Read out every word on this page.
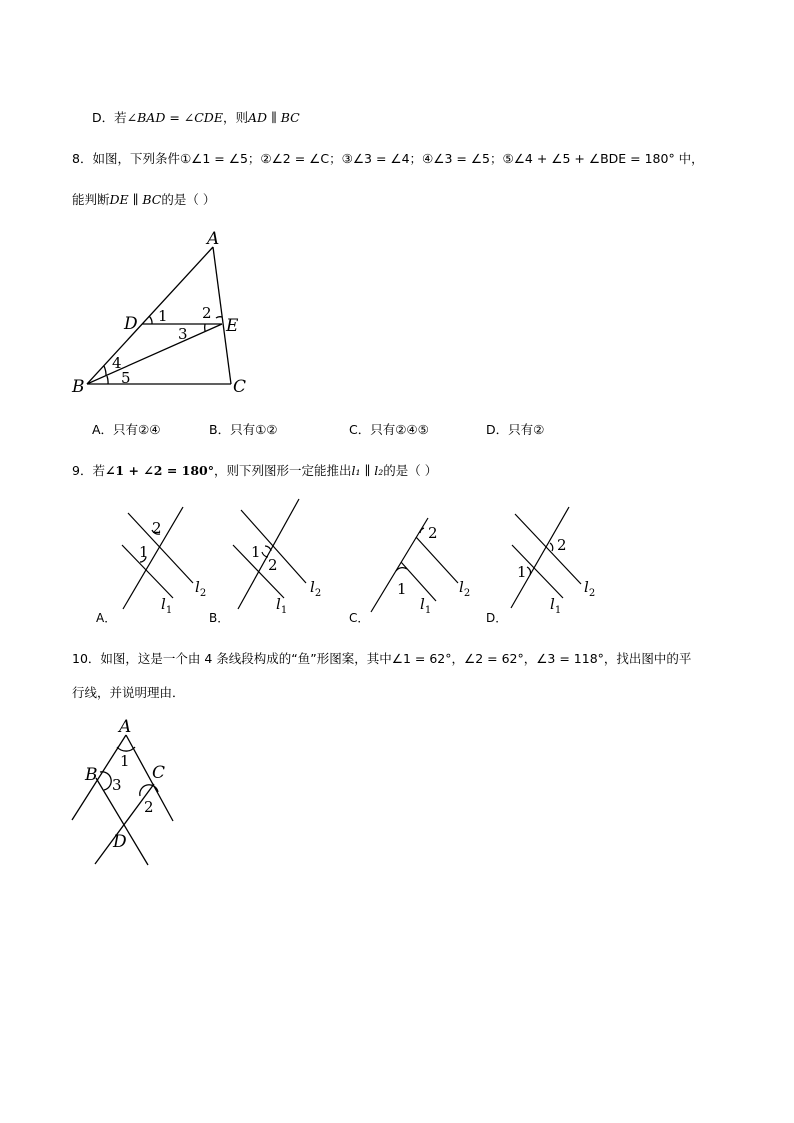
D．若∠BAD = ∠CDE，则AD ∥ BC
8．如图，下列条件①∠1 = ∠5；②∠2 = ∠C；③∠3 = ∠4；④∠3 = ∠5；⑤∠4 + ∠5 + ∠BDE = 180° 中，
能判断DE ∥ BC的是（ ）
A
D	E
B	C
1 2
3
4
5
A．只有②④	B．只有①②	C．只有②④⑤	D．只有②
9．若∠1 + ∠2 = 180°，则下列图形一定能推出l₁ ∥ l₂的是（ ）
2
1
$l_1$
$l_2$
A．
1
2
$l_1$
$l_2$
B．
2
1
$l_1$
$l_2$
C．
2
1
$l_1$
$l_2$
D．
10．如图，这是一个由 4 条线段构成的“鱼”形图案，其中∠1 = 62°，∠2 = 62°，∠3 = 118°，找出图中的平
行线，并说明理由．
A
B	C
D
1
3
2
